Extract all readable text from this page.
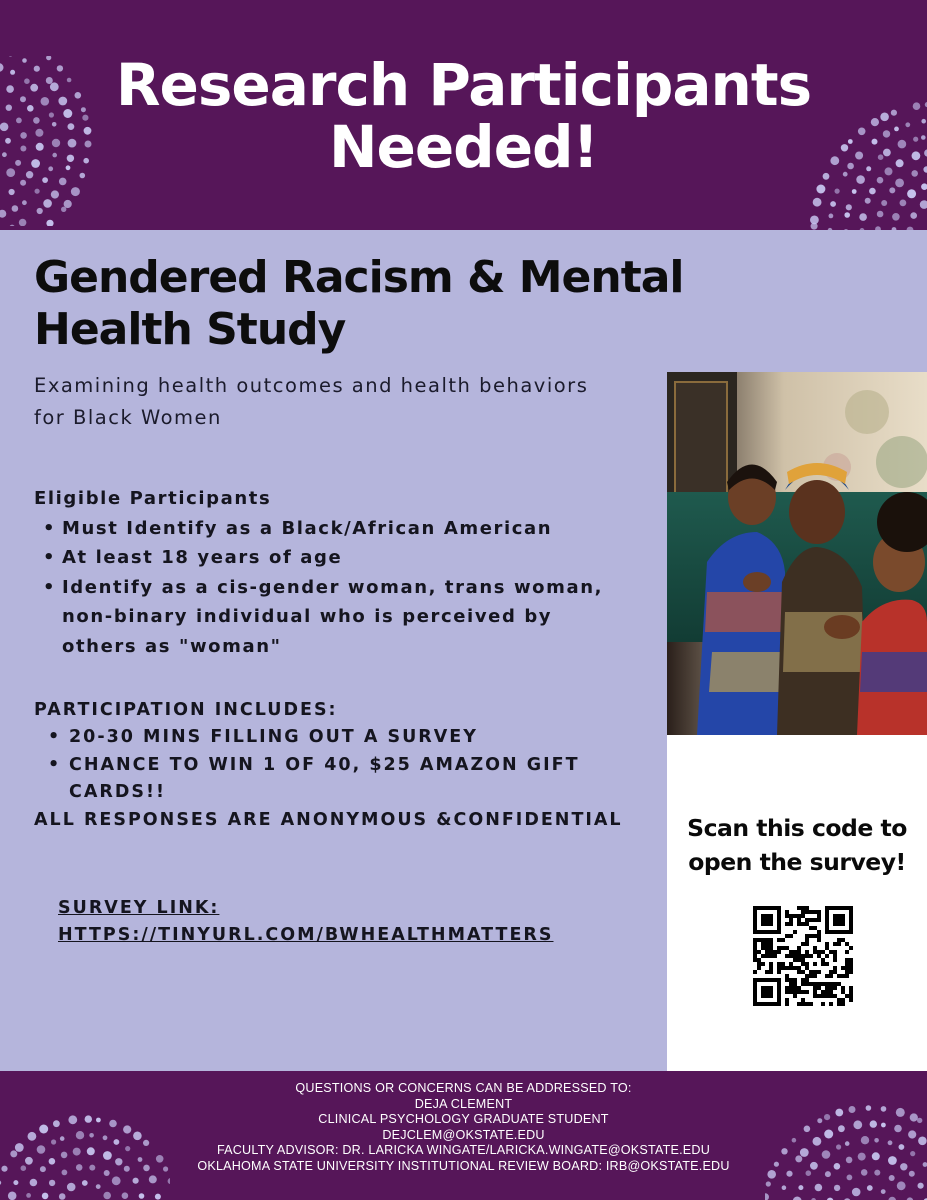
Research Participants
Needed!
Gendered Racism & Mental
Health Study
Examining health outcomes and health behaviors
for Black Women
Eligible Participants
• Must Identify as a Black/African American
• At least 18 years of age
• Identify as a cis-gender woman, trans woman,
non-binary individual who is perceived by
others as "woman"
PARTICIPATION INCLUDES:
• 20-30 MINS FILLING OUT A SURVEY
• CHANCE TO WIN 1 OF 40, $25 AMAZON GIFT
CARDS!!
ALL RESPONSES ARE ANONYMOUS &CONFIDENTIAL
SURVEY LINK:
HTTPS://TINYURL.COM/BWHEALTHMATTERS
Scan this code to
open the survey!
QUESTIONS OR CONCERNS CAN BE ADDRESSED TO:
DEJA CLEMENT
CLINICAL PSYCHOLOGY GRADUATE STUDENT
DEJCLEM@OKSTATE.EDU
FACULTY ADVISOR: DR. LARICKA WINGATE/LARICKA.WINGATE@OKSTATE.EDU
OKLAHOMA STATE UNIVERSITY INSTITUTIONAL REVIEW BOARD: IRB@OKSTATE.EDU
